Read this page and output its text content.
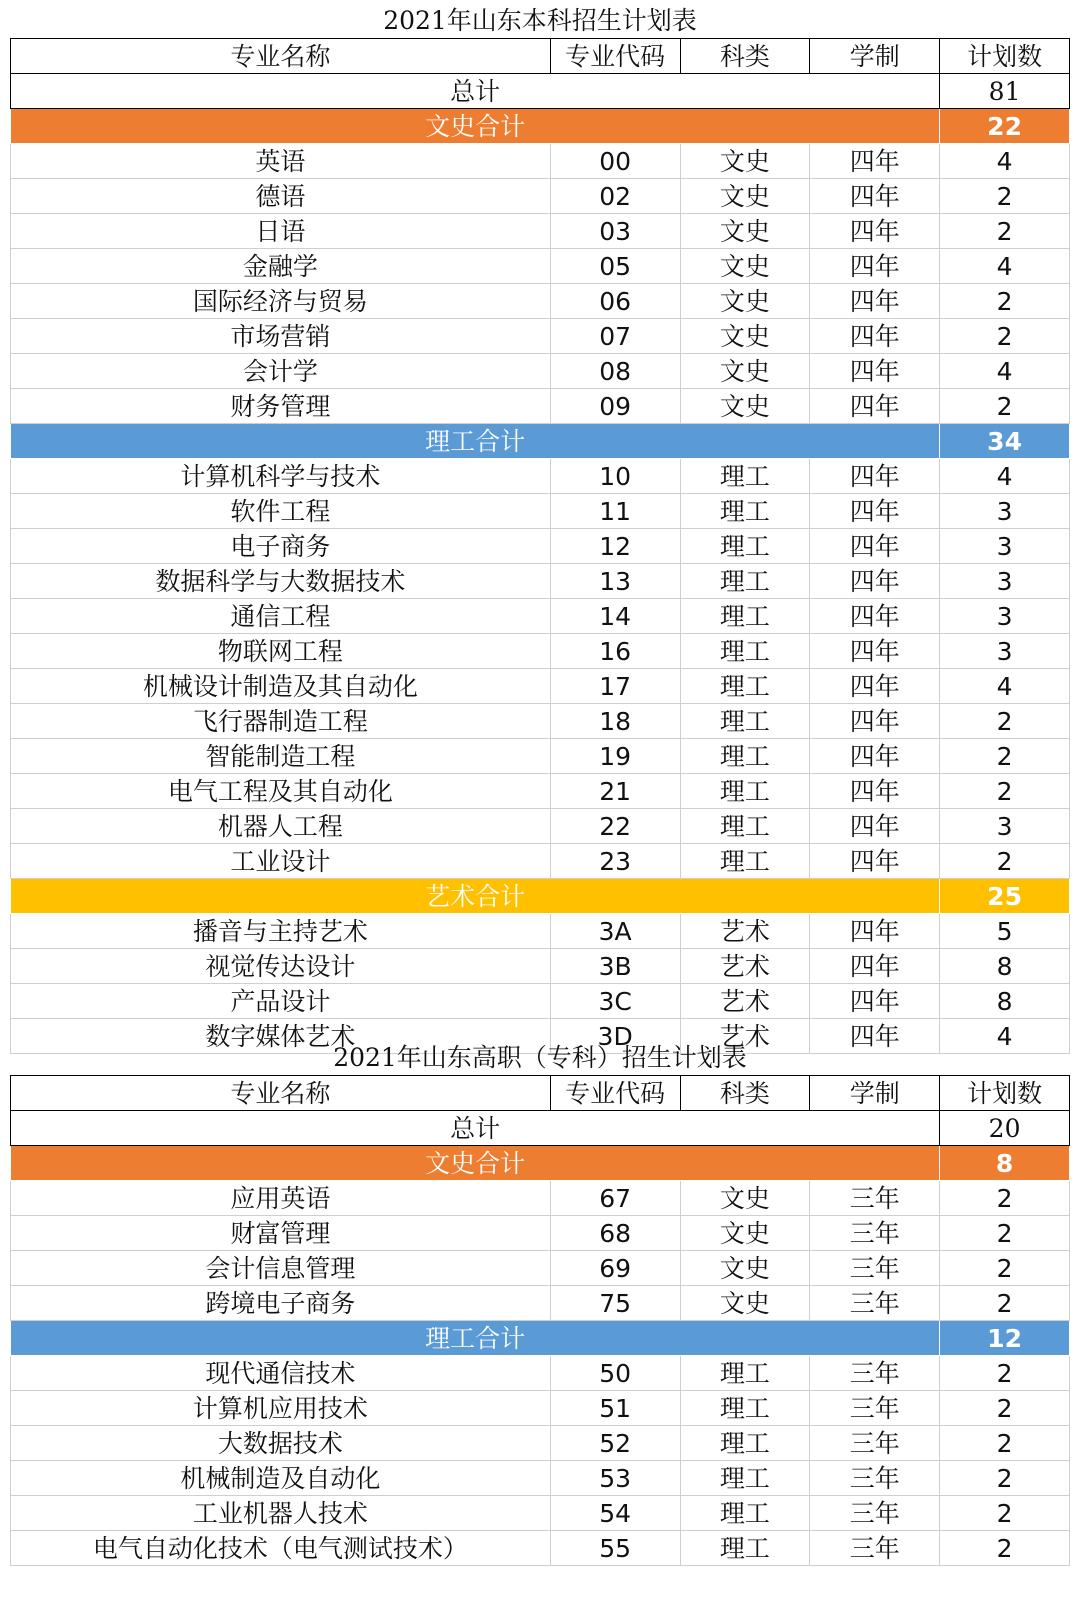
2021年山东本科招生计划表
专业名称	专业代码	科类	学制	计划数
总计				81
文史合计				22
英语	00	文史	四年	4
德语	02	文史	四年	2
日语	03	文史	四年	2
金融学	05	文史	四年	4
国际经济与贸易	06	文史	四年	2
市场营销	07	文史	四年	2
会计学	08	文史	四年	4
财务管理	09	文史	四年	2
理工合计				34
计算机科学与技术	10	理工	四年	4
软件工程	11	理工	四年	3
电子商务	12	理工	四年	3
数据科学与大数据技术	13	理工	四年	3
通信工程	14	理工	四年	3
物联网工程	16	理工	四年	3
机械设计制造及其自动化	17	理工	四年	4
飞行器制造工程	18	理工	四年	2
智能制造工程	19	理工	四年	2
电气工程及其自动化	21	理工	四年	2
机器人工程	22	理工	四年	3
工业设计	23	理工	四年	2
艺术合计				25
播音与主持艺术	3A	艺术	四年	5
视觉传达设计	3B	艺术	四年	8
产品设计	3C	艺术	四年	8
数字媒体艺术	3D	艺术	四年	4
2021年山东高职（专科）招生计划表
专业名称	专业代码	科类	学制	计划数
总计				20
文史合计				8
应用英语	67	文史	三年	2
财富管理	68	文史	三年	2
会计信息管理	69	文史	三年	2
跨境电子商务	75	文史	三年	2
理工合计				12
现代通信技术	50	理工	三年	2
计算机应用技术	51	理工	三年	2
大数据技术	52	理工	三年	2
机械制造及自动化	53	理工	三年	2
工业机器人技术	54	理工	三年	2
电气自动化技术（电气测试技术）	55	理工	三年	2
